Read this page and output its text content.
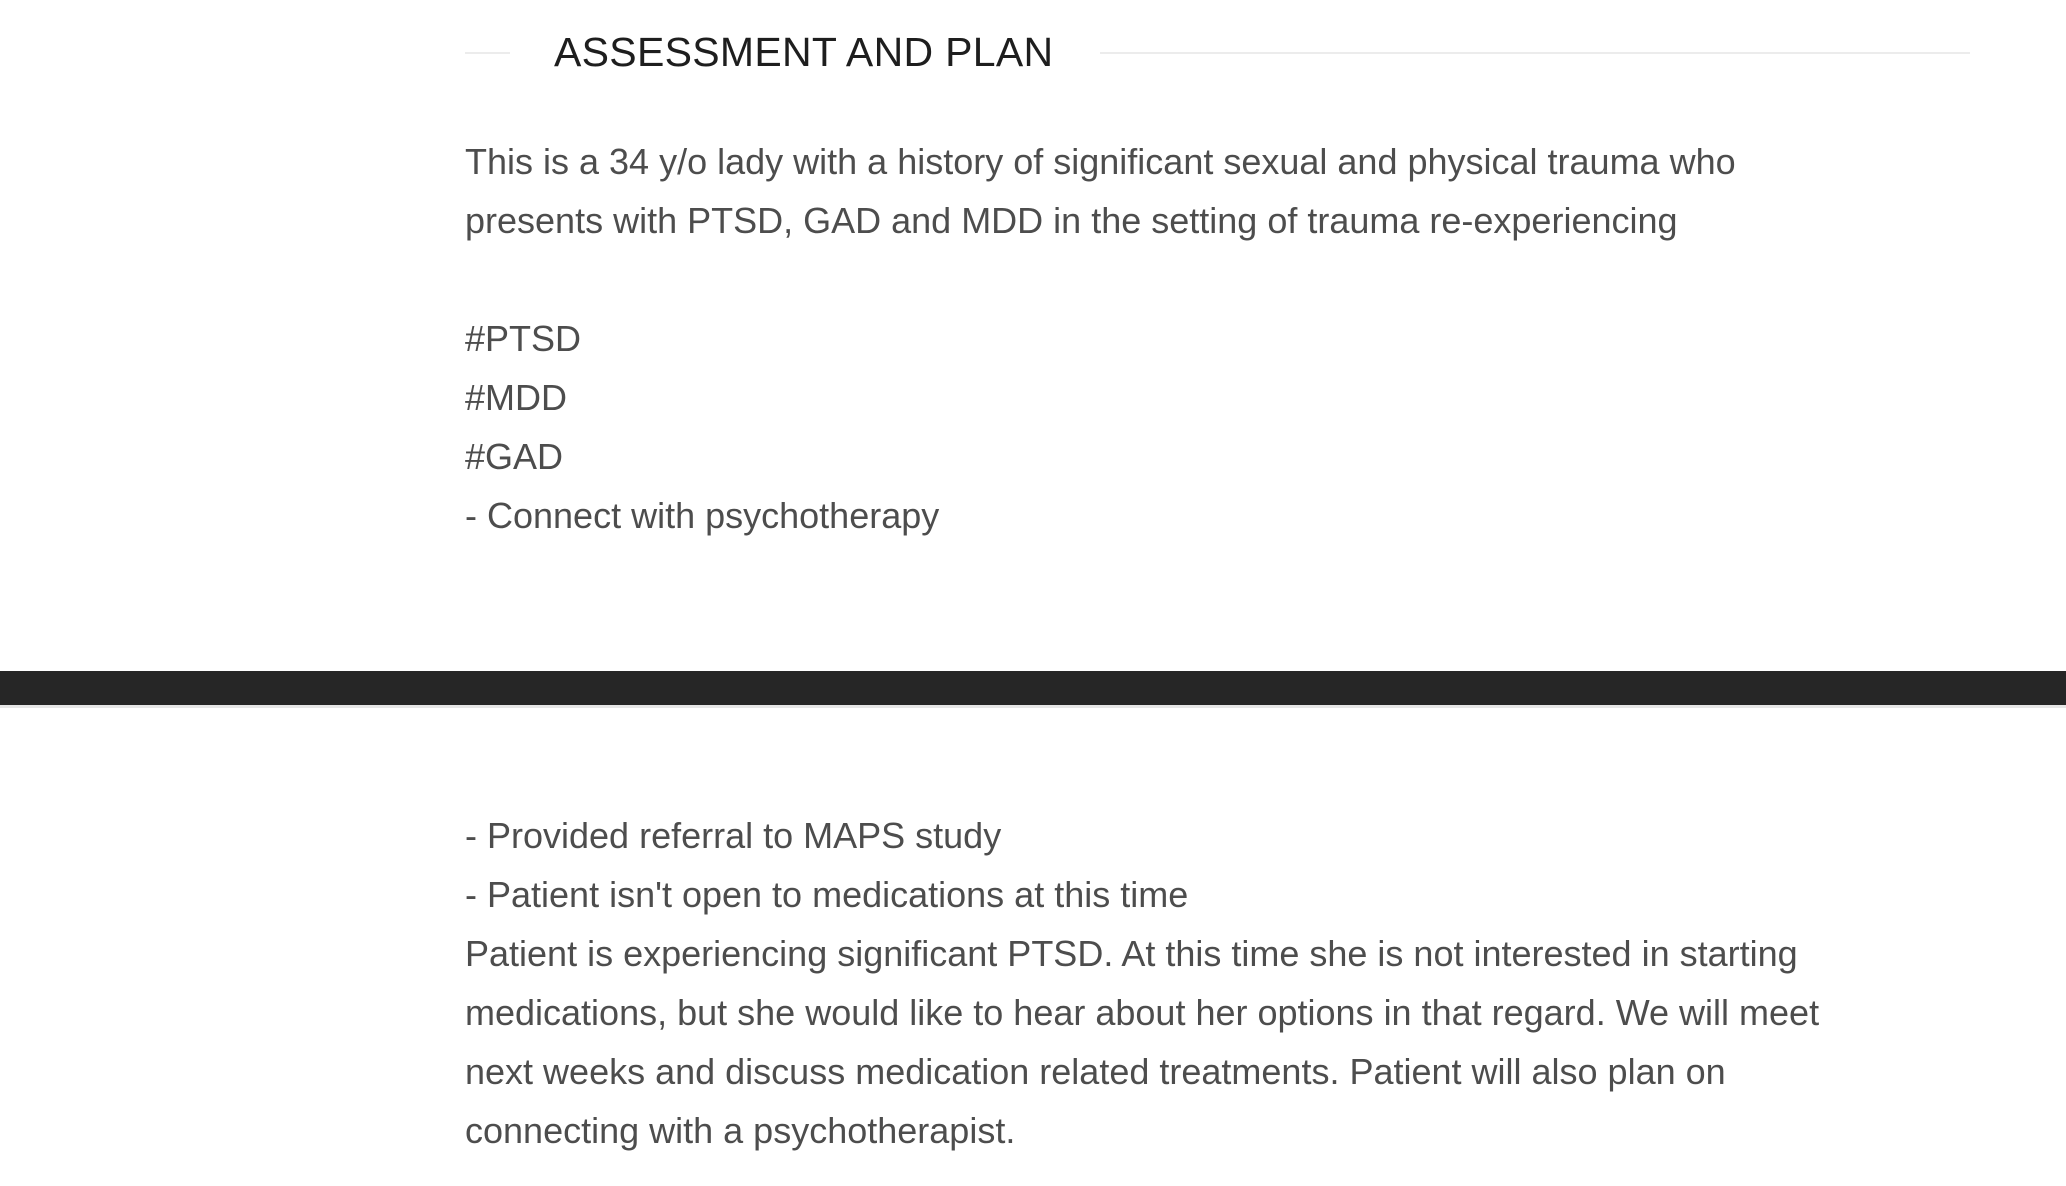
ASSESSMENT AND PLAN

This is a 34 y/o lady with a history of significant sexual and physical trauma who

presents with PTSD, GAD and MDD in the setting of trauma re-experiencing

#PTSD

#MDD

#GAD

- Connect with psychotherapy

- Provided referral to MAPS study

- Patient isn't open to medications at this time

Patient is experiencing significant PTSD. At this time she is not interested in starting

medications, but she would like to hear about her options in that regard. We will meet

next weeks and discuss medication related treatments. Patient will also plan on

connecting with a psychotherapist.
